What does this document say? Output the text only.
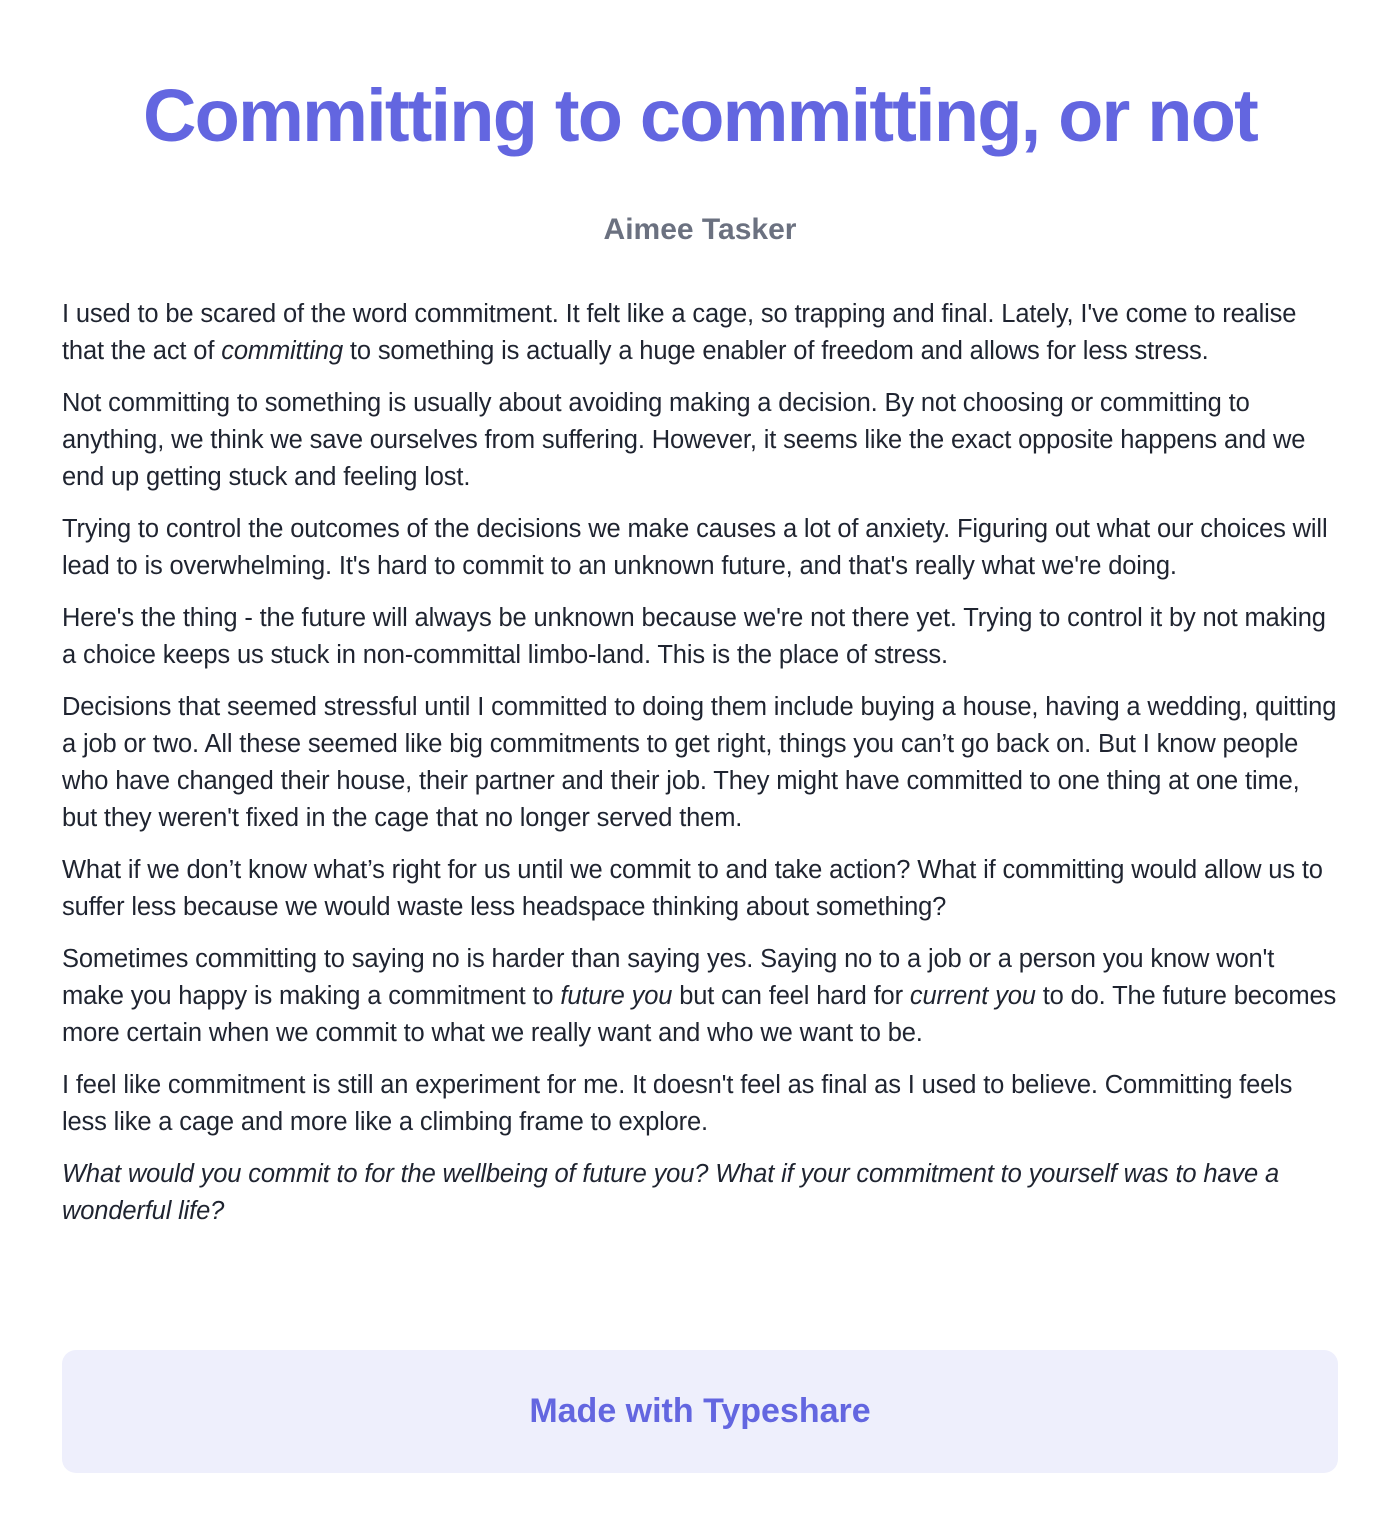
Committing to committing, or not

Aimee Tasker

I used to be scared of the word commitment. It felt like a cage, so trapping and final. Lately, I've come to realise that the act of committing to something is actually a huge enabler of freedom and allows for less stress.

Not committing to something is usually about avoiding making a decision. By not choosing or committing to anything, we think we save ourselves from suffering. However, it seems like the exact opposite happens and we end up getting stuck and feeling lost.

Trying to control the outcomes of the decisions we make causes a lot of anxiety. Figuring out what our choices will lead to is overwhelming. It's hard to commit to an unknown future, and that's really what we're doing.

Here's the thing - the future will always be unknown because we're not there yet. Trying to control it by not making a choice keeps us stuck in non-committal limbo-land. This is the place of stress.

Decisions that seemed stressful until I committed to doing them include buying a house, having a wedding, quitting a job or two. All these seemed like big commitments to get right, things you can’t go back on. But I know people who have changed their house, their partner and their job. They might have committed to one thing at one time, but they weren't fixed in the cage that no longer served them.

What if we don’t know what’s right for us until we commit to and take action? What if committing would allow us to suffer less because we would waste less headspace thinking about something?

Sometimes committing to saying no is harder than saying yes. Saying no to a job or a person you know won't make you happy is making a commitment to future you but can feel hard for current you to do. The future becomes more certain when we commit to what we really want and who we want to be.

I feel like commitment is still an experiment for me. It doesn't feel as final as I used to believe. Committing feels less like a cage and more like a climbing frame to explore.

What would you commit to for the wellbeing of future you? What if your commitment to yourself was to have a wonderful life?

Made with Typeshare
